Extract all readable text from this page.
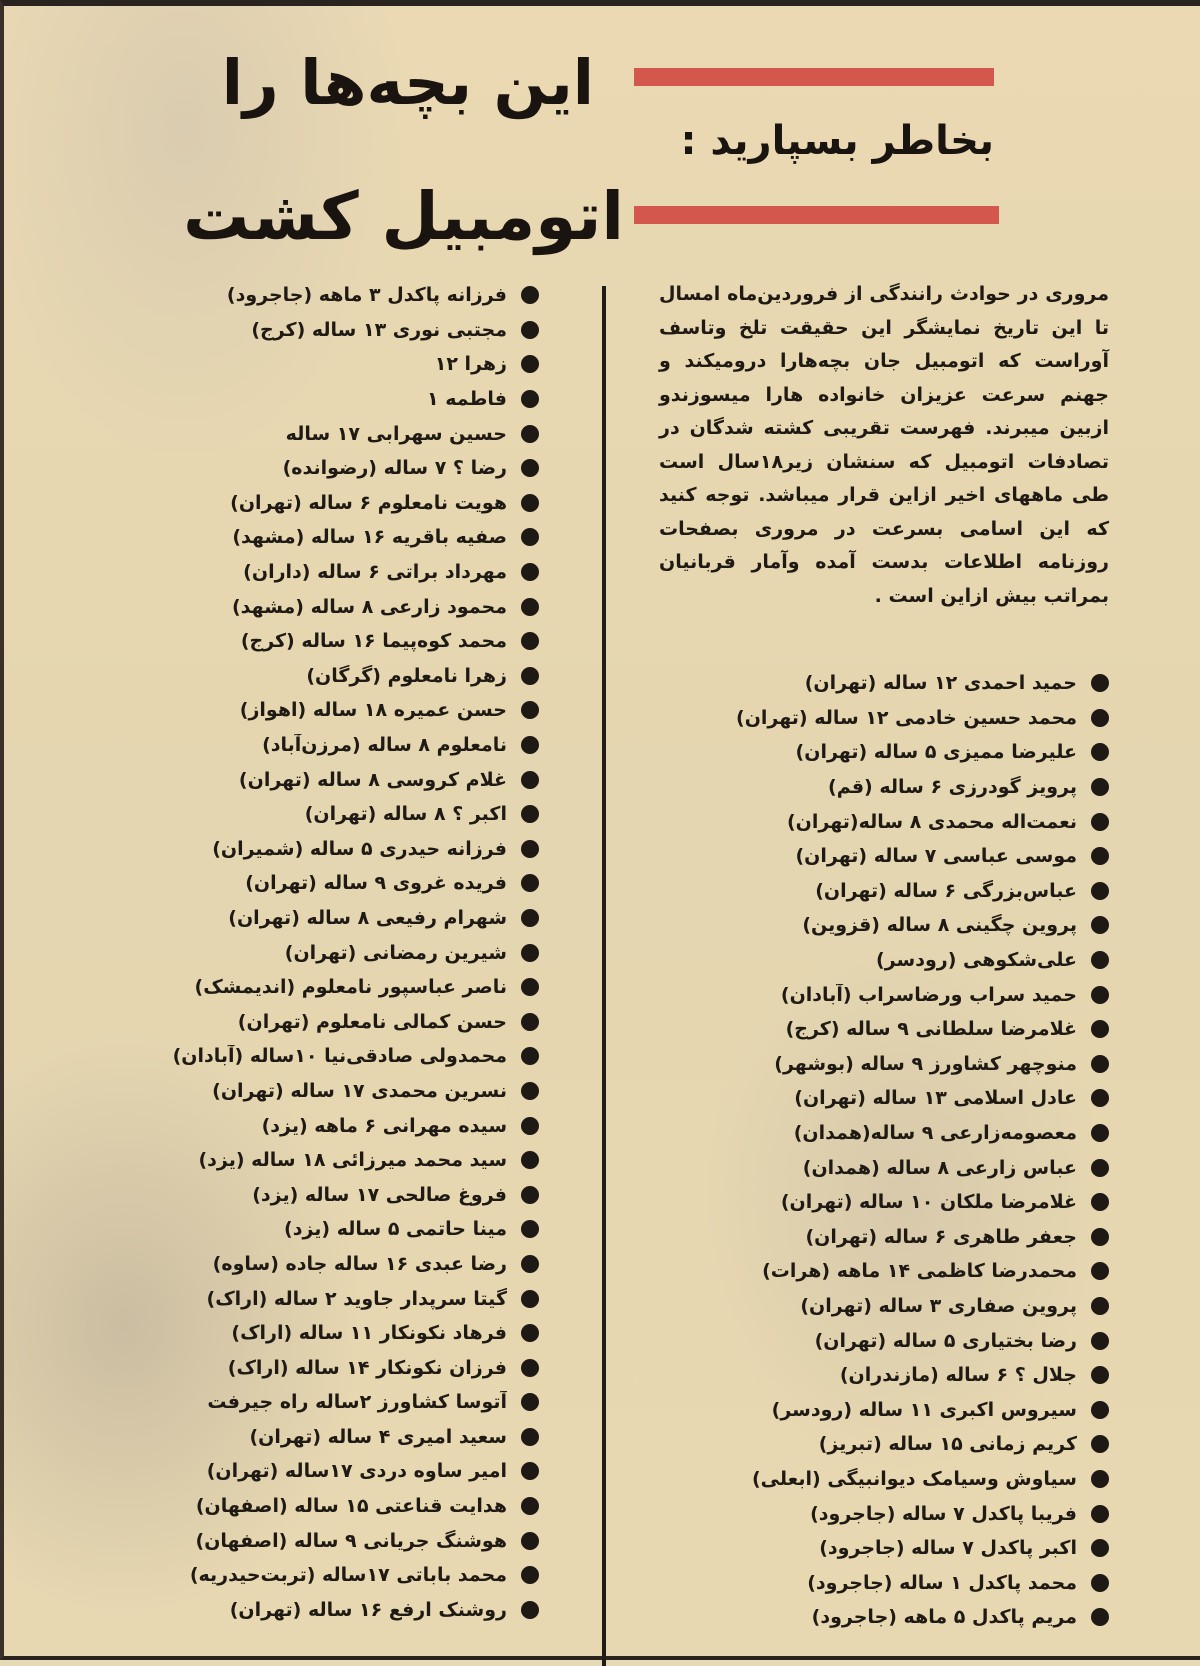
این بچه‌ها را
بخاطر بسپارید :
اتومبیل کشت
مروری در حوادث رانندگی از فروردین‌ماه امسال تا این تاریخ نمایشگر این حقیقت تلخ وتاسف آوراست که اتومبیل جان بچه‌هارا درومیکند و جهنم سرعت عزیزان خانواده هارا میسوزندو ازبین میبرند. فهرست تقریبی کشته شدگان در تصادفات اتومبیل که سنشان زیر۱۸سال است طی ماههای اخیر ازاین قرار میباشد. توجه کنید که این اسامی بسرعت در مروری بصفحات روزنامه اطلاعات بدست آمده وآمار قربانیان بمراتب بیش ازاین است .
حمید احمدی ۱۲ ساله (تهران)
محمد حسین خادمی ۱۲ ساله (تهران)
علیرضا ممیزی ۵ ساله (تهران)
پرویز گودرزی ۶ ساله (قم)
نعمت‌اله محمدی ۸ ساله(تهران)
موسی عباسی ۷ ساله (تهران)
عباس‌بزرگی ۶ ساله (تهران)
پروین چگینی ۸ ساله (قزوین)
علی‌شکوهی (رودسر)
حمید سراب ورضاسراب (آبادان)
غلامرضا سلطانی ۹ ساله (کرج)
منوچهر کشاورز ۹ ساله (بوشهر)
عادل اسلامی ۱۳ ساله (تهران)
معصومه‌زارعی ۹ ساله(همدان)
عباس زارعی ۸ ساله (همدان)
غلامرضا ملکان ۱۰ ساله (تهران)
جعفر طاهری ۶ ساله (تهران)
محمدرضا کاظمی ۱۴ ماهه (هرات)
پروین صفاری ۳ ساله (تهران)
رضا بختیاری ۵ ساله (تهران)
جلال ؟ ۶ ساله (مازندران)
سیروس اکبری ۱۱ ساله (رودسر)
کریم زمانی ۱۵ ساله (تبریز)
سیاوش وسیامک دیوانبیگی (ابعلی)
فریبا پاکدل ۷ ساله (جاجرود)
اکبر پاکدل ۷ ساله (جاجرود)
محمد پاکدل ۱ ساله (جاجرود)
مریم پاکدل ۵ ماهه (جاجرود)
فرزانه پاکدل ۳ ماهه (جاجرود)
مجتبی نوری ۱۳ ساله (کرج)
زهرا ۱۲
فاطمه ۱
حسین سهرابی ۱۷ ساله
رضا ؟ ۷ ساله (رضوانده)
هویت نامعلوم ۶ ساله (تهران)
صفیه باقریه ۱۶ ساله (مشهد)
مهرداد براتی ۶ ساله (داران)
محمود زارعی ۸ ساله (مشهد)
محمد کوه‌پیما ۱۶ ساله (کرج)
زهرا نامعلوم (گرگان)
حسن عمیره ۱۸ ساله (اهواز)
نامعلوم ۸ ساله (مرزن‌آباد)
غلام کروسی ۸ ساله (تهران)
اکبر ؟ ۸ ساله (تهران)
فرزانه حیدری ۵ ساله (شمیران)
فریده غروی ۹ ساله (تهران)
شهرام رفیعی ۸ ساله (تهران)
شیرین رمضانی (تهران)
ناصر عباسپور نامعلوم (اندیمشک)
حسن کمالی نامعلوم (تهران)
محمدولی صادقی‌نیا ۱۰ساله (آبادان)
نسرین محمدی ۱۷ ساله (تهران)
سیده مهرانی ۶ ماهه (یزد)
سید محمد میرزائی ۱۸ ساله (یزد)
فروغ صالحی ۱۷ ساله (یزد)
مینا حاتمی ۵ ساله (یزد)
رضا عبدی ۱۶ ساله جاده (ساوه)
گیتا سرپدار جاوید ۲ ساله (اراک)
فرهاد نکونکار ۱۱ ساله (اراک)
فرزان نکونکار ۱۴ ساله (اراک)
آتوسا کشاورز ۲ساله راه جیرفت
سعید امیری ۴ ساله (تهران)
امیر ساوه دردی ۱۷ساله (تهران)
هدایت قناعتی ۱۵ ساله (اصفهان)
هوشنگ جریانی ۹ ساله (اصفهان)
محمد باباتی ۱۷ساله (تربت‌حیدریه)
روشنک ارفع ۱۶ ساله (تهران)
